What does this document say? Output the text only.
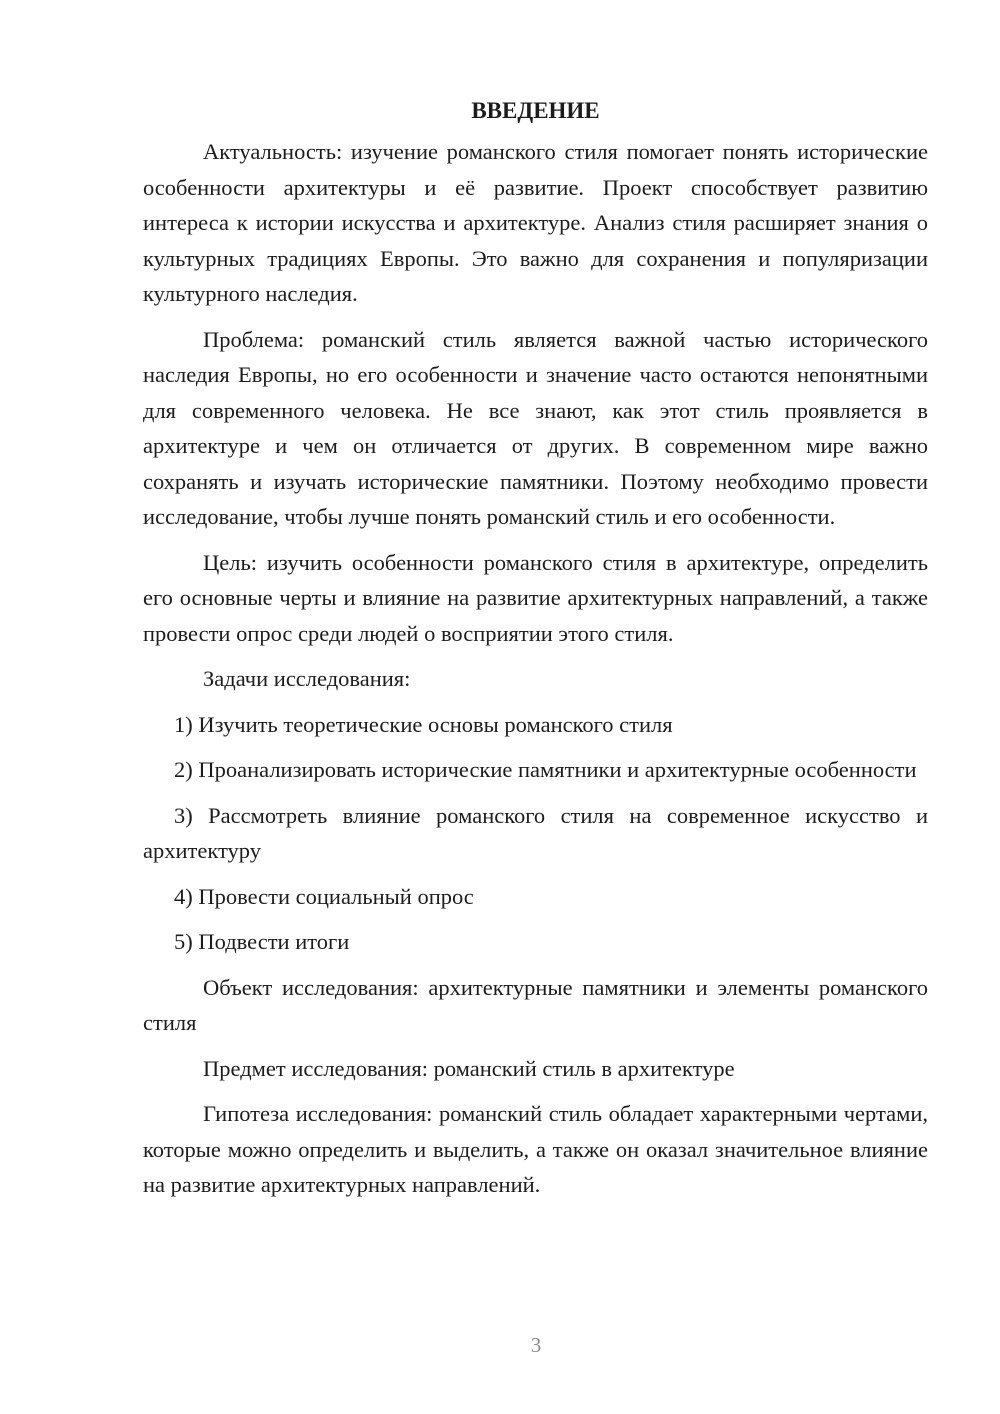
ВВЕДЕНИЕ

Актуальность: изучение романского стиля помогает понять исторические особенности архитектуры и её развитие. Проект способствует развитию интереса к истории искусства и архитектуре. Анализ стиля расширяет знания о культурных традициях Европы. Это важно для сохранения и популяризации культурного наследия.

Проблема: романский стиль является важной частью исторического наследия Европы, но его особенности и значение часто остаются непонятными для современного человека. Не все знают, как этот стиль проявляется в архитектуре и чем он отличается от других. В современном мире важно сохранять и изучать исторические памятники. Поэтому необходимо провести исследование, чтобы лучше понять романский стиль и его особенности.

Цель: изучить особенности романского стиля в архитектуре, определить его основные черты и влияние на развитие архитектурных направлений, а также провести опрос среди людей о восприятии этого стиля.

Задачи исследования:

1) Изучить теоретические основы романского стиля

2) Проанализировать исторические памятники и архитектурные особенности

3) Рассмотреть влияние романского стиля на современное искусство и архитектуру

4) Провести социальный опрос

5) Подвести итоги

Объект исследования: архитектурные памятники и элементы романского стиля

Предмет исследования: романский стиль в архитектуре

Гипотеза исследования: романский стиль обладает характерными чертами, которые можно определить и выделить, а также он оказал значительное влияние на развитие архитектурных направлений.

3
